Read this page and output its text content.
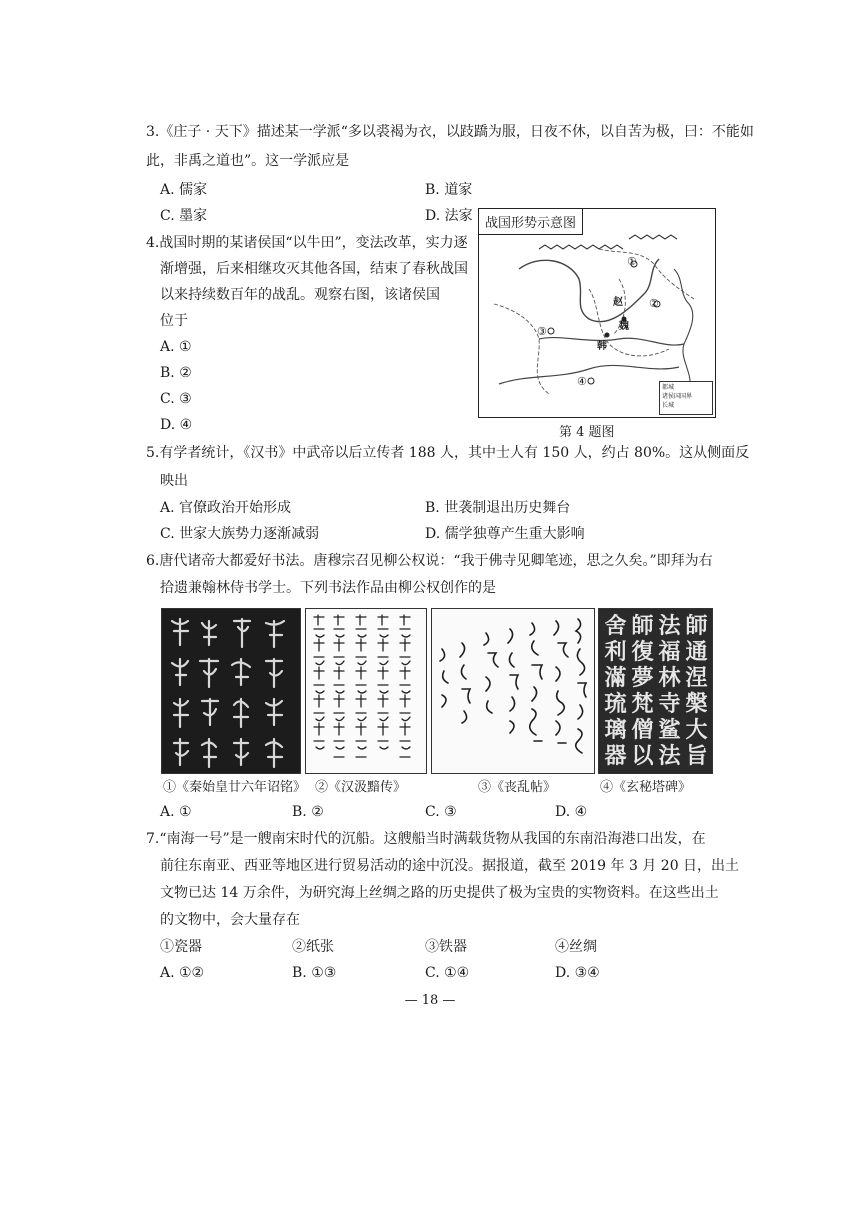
3.《庄子 · 天下》描述某一学派“多以裘褐为衣，以跂蹻为服，日夜不休，以自苦为极，曰：不能如
此，非禹之道也”。这一学派应是
A. 儒家	B. 道家
C. 墨家	D. 法家
4.战国时期的某诸侯国“以牛田”，变法改革，实力逐
渐增强，后来相继攻灭其他各国，结束了春秋战国
以来持续数百年的战乱。观察右图，该诸侯国
位于
A. ①
B. ②
C. ③
D. ④
战国形势示意图
①
②
③
④
赵
魏
韩
都城
诸侯国国界
长城
第 4 题图
5.有学者统计，《汉书》中武帝以后立传者 188 人，其中士人有 150 人，约占 80%。这从侧面反
映出
A. 官僚政治开始形成	B. 世袭制退出历史舞台
C. 世家大族势力逐渐减弱	D. 儒学独尊产生重大影响
6.唐代诸帝大都爱好书法。唐穆宗召见柳公权说：“我于佛寺见卿笔迹，思之久矣。”即拜为右
拾遗兼翰林侍书学士。下列书法作品由柳公权创作的是
①《秦始皇廿六年诏铭》 ②《汉汲黯传》	③《丧乱帖》
師
通
涅
槃
大
旨
法
福
林
寺
鲨
法
師
復
夢
梵
僧
以
舍
利
滿
琉
璃
器
④《玄秘塔碑》
A. ①	B. ②	C. ③	D. ④
7.“南海一号”是一艘南宋时代的沉船。这艘船当时满载货物从我国的东南沿海港口出发，在
前往东南亚、西亚等地区进行贸易活动的途中沉没。据报道，截至 2019 年 3 月 20 日，出土
文物已达 14 万余件，为研究海上丝绸之路的历史提供了极为宝贵的实物资料。在这些出土
的文物中，会大量存在
①瓷器	②纸张	③铁器	④丝绸
A. ①②	B. ①③	C. ①④	D. ③④
— 18 —
